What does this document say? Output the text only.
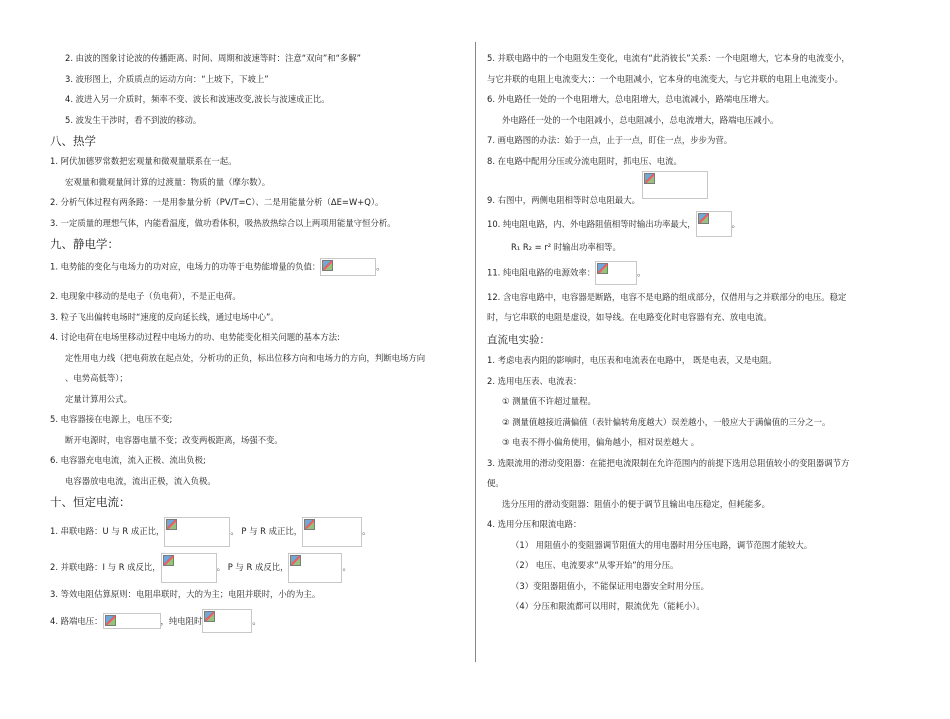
2. 由波的图象讨论波的传播距离、时间、周期和波速等时：注意“双向”和“多解”
3. 波形图上，介质质点的运动方向：“上坡下，下坡上”
4. 波进入另一介质时，频率不变、波长和波速改变,波长与波速成正比。
5. 波发生干涉时，看不到波的移动。
八、热学
1. 阿伏加德罗常数把宏观量和微观量联系在一起。
宏观量和微观量间计算的过渡量：物质的量（摩尔数）。
2. 分析气体过程有两条路：一是用参量分析（PV/T=C）、二是用能量分析（ΔE=W+Q）。
3. 一定质量的理想气体，内能看温度，做功看体积，吸热放热综合以上两项用能量守恒分析。
九、静电学：
1. 电势能的变化与电场力的功对应，电场力的功等于电势能增量的负值：	。
2. 电现象中移动的是电子（负电荷），不是正电荷。
3. 粒子飞出偏转电场时“速度的反向延长线，通过电场中心”。
4. 讨论电荷在电场里移动过程中电场力的功、电势能变化相关问题的基本方法:
定性用电力线（把电荷放在起点处，分析功的正负，标出位移方向和电场力的方向，判断电场方向
、电势高低等）；
定量计算用公式。
5. 电容器接在电源上，电压不变;
断开电源时，电容器电量不变；改变两板距离，场强不变。
6. 电容器充电电流，流入正极、流出负极;
电容器放电电流，流出正极，流入负极。
十、恒定电流：
1. 串联电路：U 与 R 成正比，	。 P 与 R 成正比，	。
2. 并联电路：I 与 R 成反比，	。 P 与 R 成反比，	。
3. 等效电阻估算原则：电阻串联时，大的为主；电阻并联时，小的为主。
4. 路端电压：	，纯电阻时	。
5. 并联电路中的一个电阻发生变化，电流有“此消彼长”关系：一个电阻增大，它本身的电流变小，
与它并联的电阻上电流变大；：一个电阻减小，它本身的电流变大，与它并联的电阻上电流变小。
6. 外电路任一处的一个电阻增大，总电阻增大，总电流减小，路端电压增大。
外电路任一处的一个电阻减小，总电阻减小，总电流增大，路端电压减小。
7. 画电路图的办法：始于一点，止于一点，盯住一点，步步为营。
8. 在电路中配用分压或分流电阻时，抓电压、电流。
9. 右图中，两侧电阻相等时总电阻最大。
10. 纯电阻电路，内、外电路阻值相等时输出功率最大，	。
R₁ R₂ = r² 时输出功率相等。
11. 纯电阻电路的电源效率：	。
12. 含电容电路中，电容器是断路，电容不是电路的组成部分，仅借用与之并联部分的电压。稳定
时，与它串联的电阻是虚设，如导线。在电路变化时电容器有充、放电电流。
直流电实验：
1. 考虑电表内阻的影响时，电压表和电流表在电路中， 既是电表，又是电阻。
2. 选用电压表、电流表：
① 测量值不许超过量程。
② 测量值越接近满偏值（表针偏转角度越大）误差越小，一般应大于满偏值的三分之一。
③ 电表不得小偏角使用，偏角越小，相对误差越大 。
3. 选限流用的滑动变阻器：在能把电流限制在允许范围内的前提下选用总阻值较小的变阻器调节方
便。
选分压用的滑动变阻器：阻值小的便于调节且输出电压稳定，但耗能多。
4. 选用分压和限流电路：
（1） 用阻值小的变阻器调节阻值大的用电器时用分压电路，调节范围才能较大。
（2） 电压、电流要求“从零开始”的用分压。
（3）变阻器阻值小，不能保证用电器安全时用分压。
（4）分压和限流都可以用时，限流优先（能耗小）。
